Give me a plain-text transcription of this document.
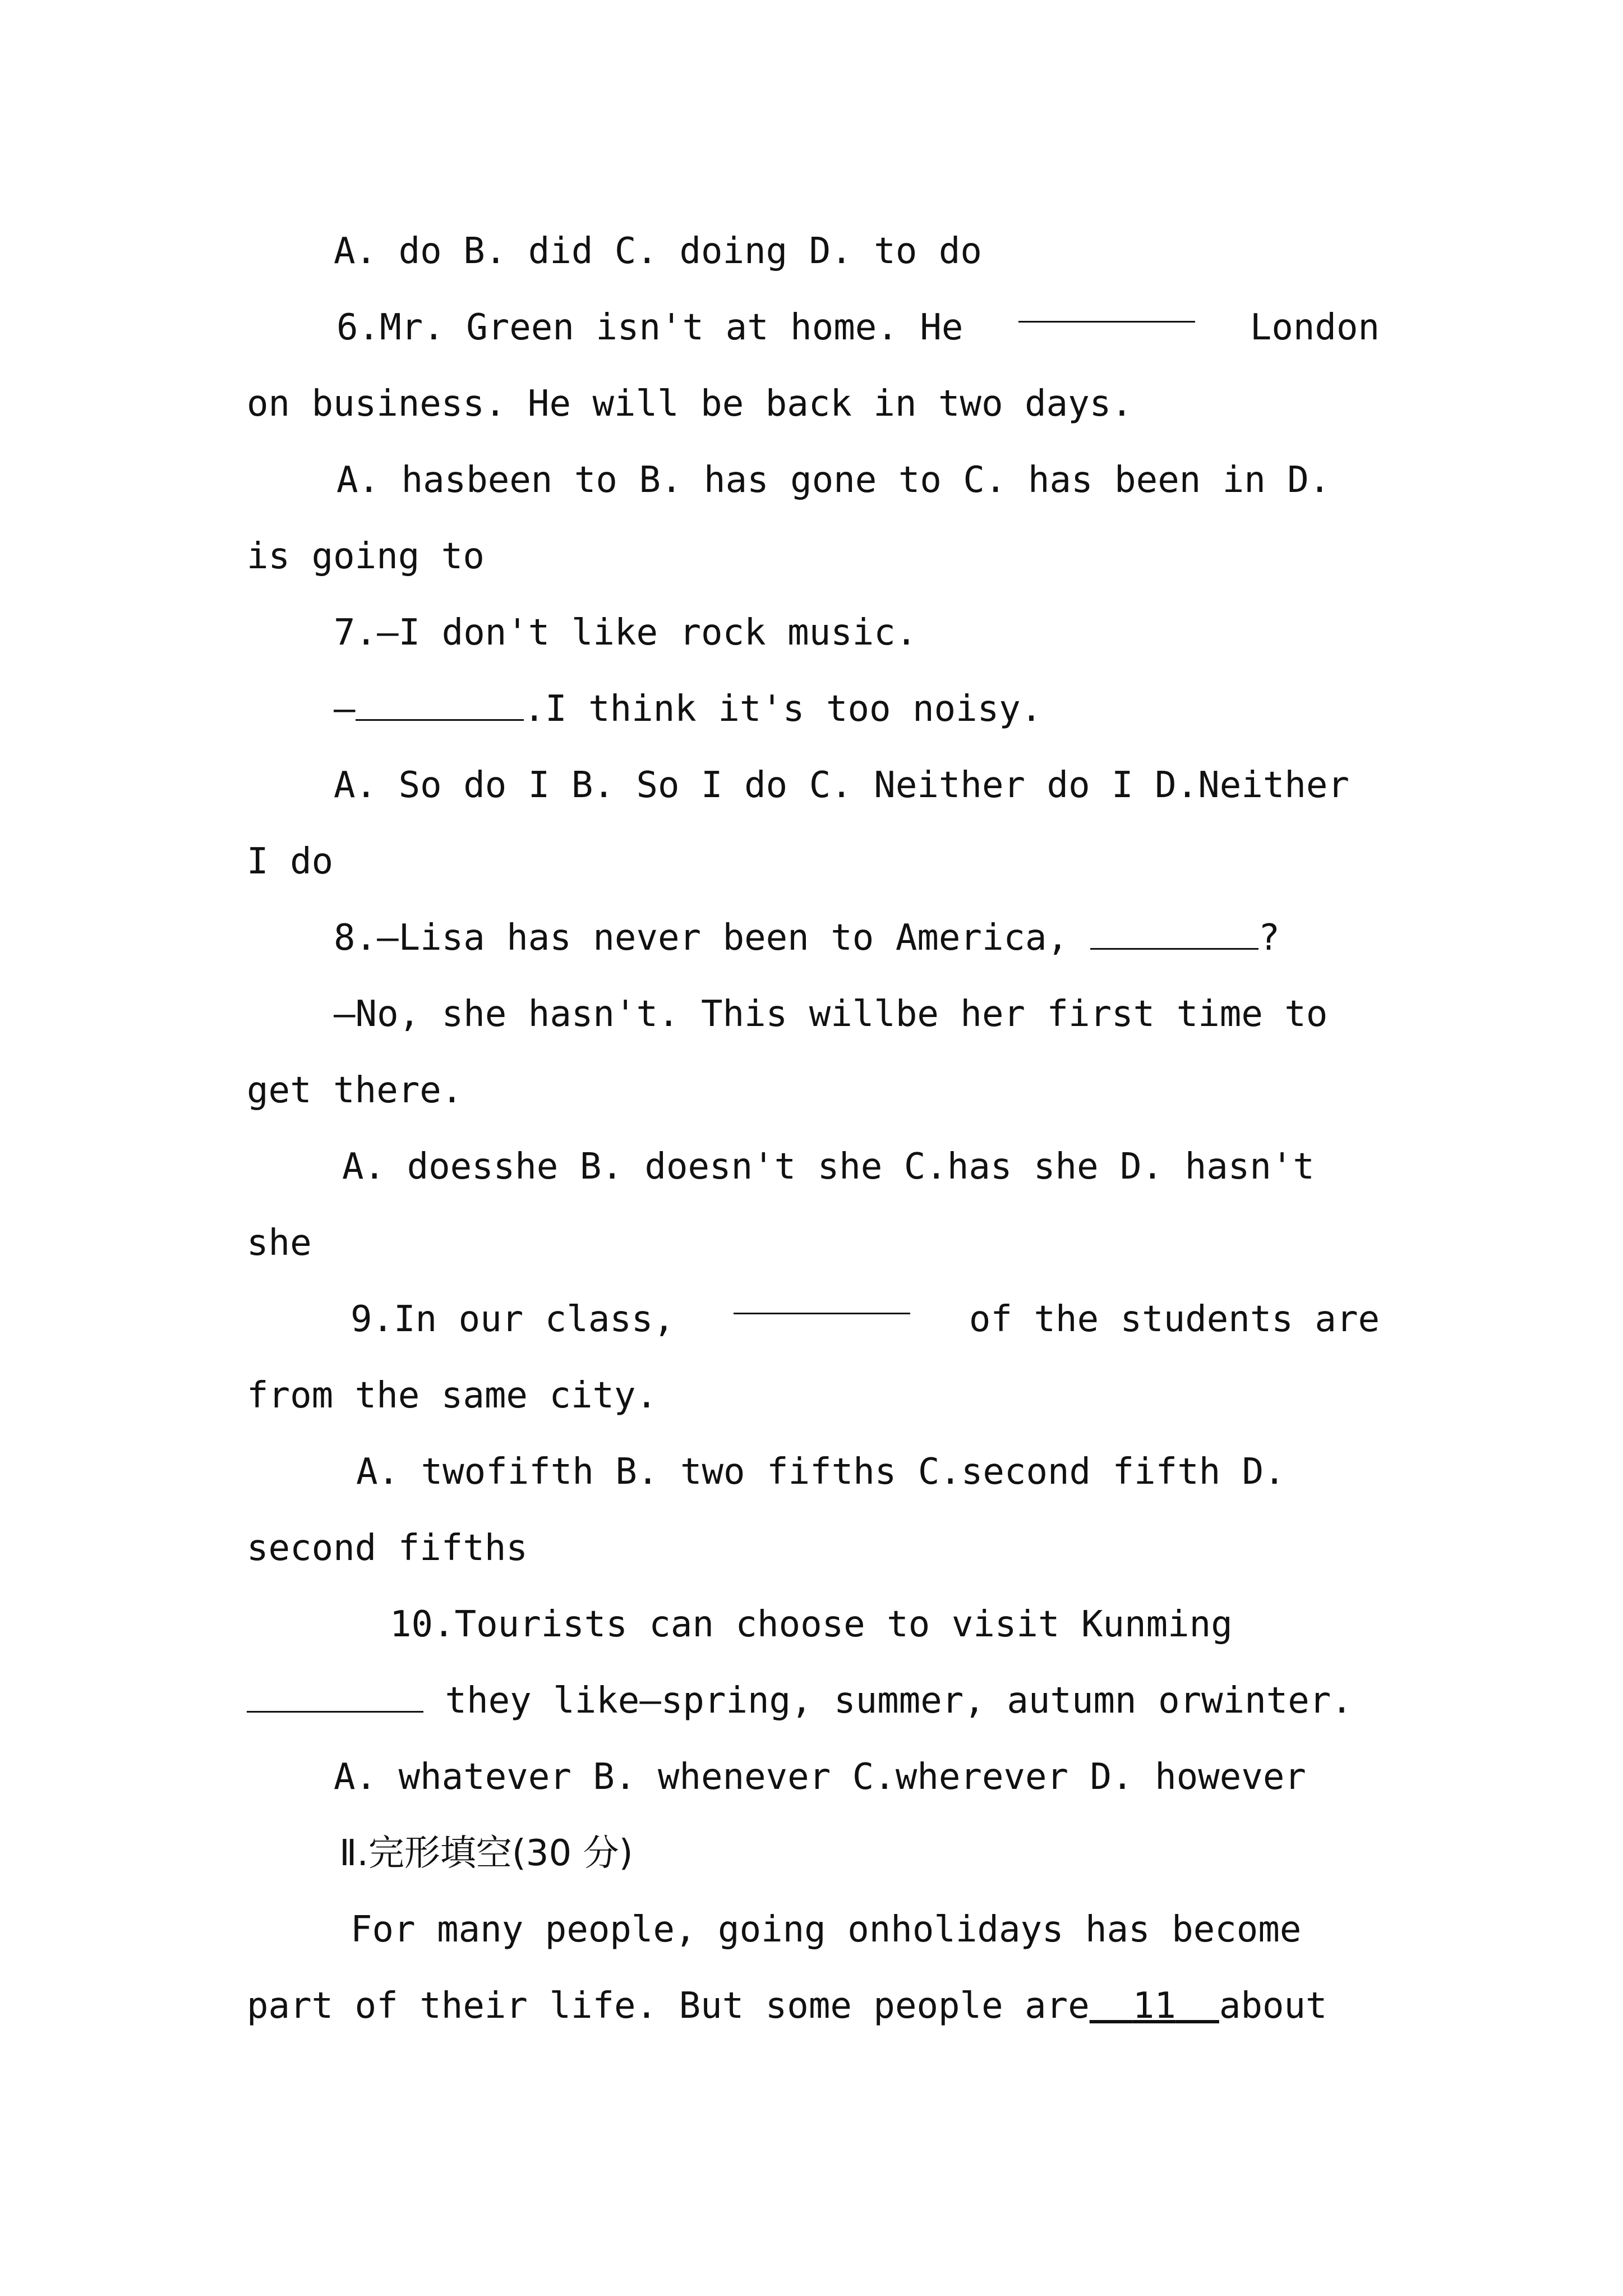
A. do B. did C. doing D. to do
6.Mr. Green isn't at home. He	London
on business. He will be back in two days.
A. hasbeen to B. has gone to C. has been in D.
is going to
7.—I don't like rock music.
—	.I think it's too noisy.
A. So do I B. So I do C. Neither do I D.Neither
I do
8.—Lisa has never been to America,	?
—No, she hasn't. This willbe her first time to
get there.
A. doesshe B. doesn't she C.has she D. hasn't
she
9.In our class,	of the students are
from the same city.
A. twofifth B. two fifths C.second fifth D.
second fifths
10.Tourists can choose to visit Kunming
they like—spring, summer, autumn orwinter.
A. whatever B. whenever C.wherever D. however
Ⅱ.完形填空(30 分)
For many people, going onholidays has become
part of their life. But some people are 11 about
